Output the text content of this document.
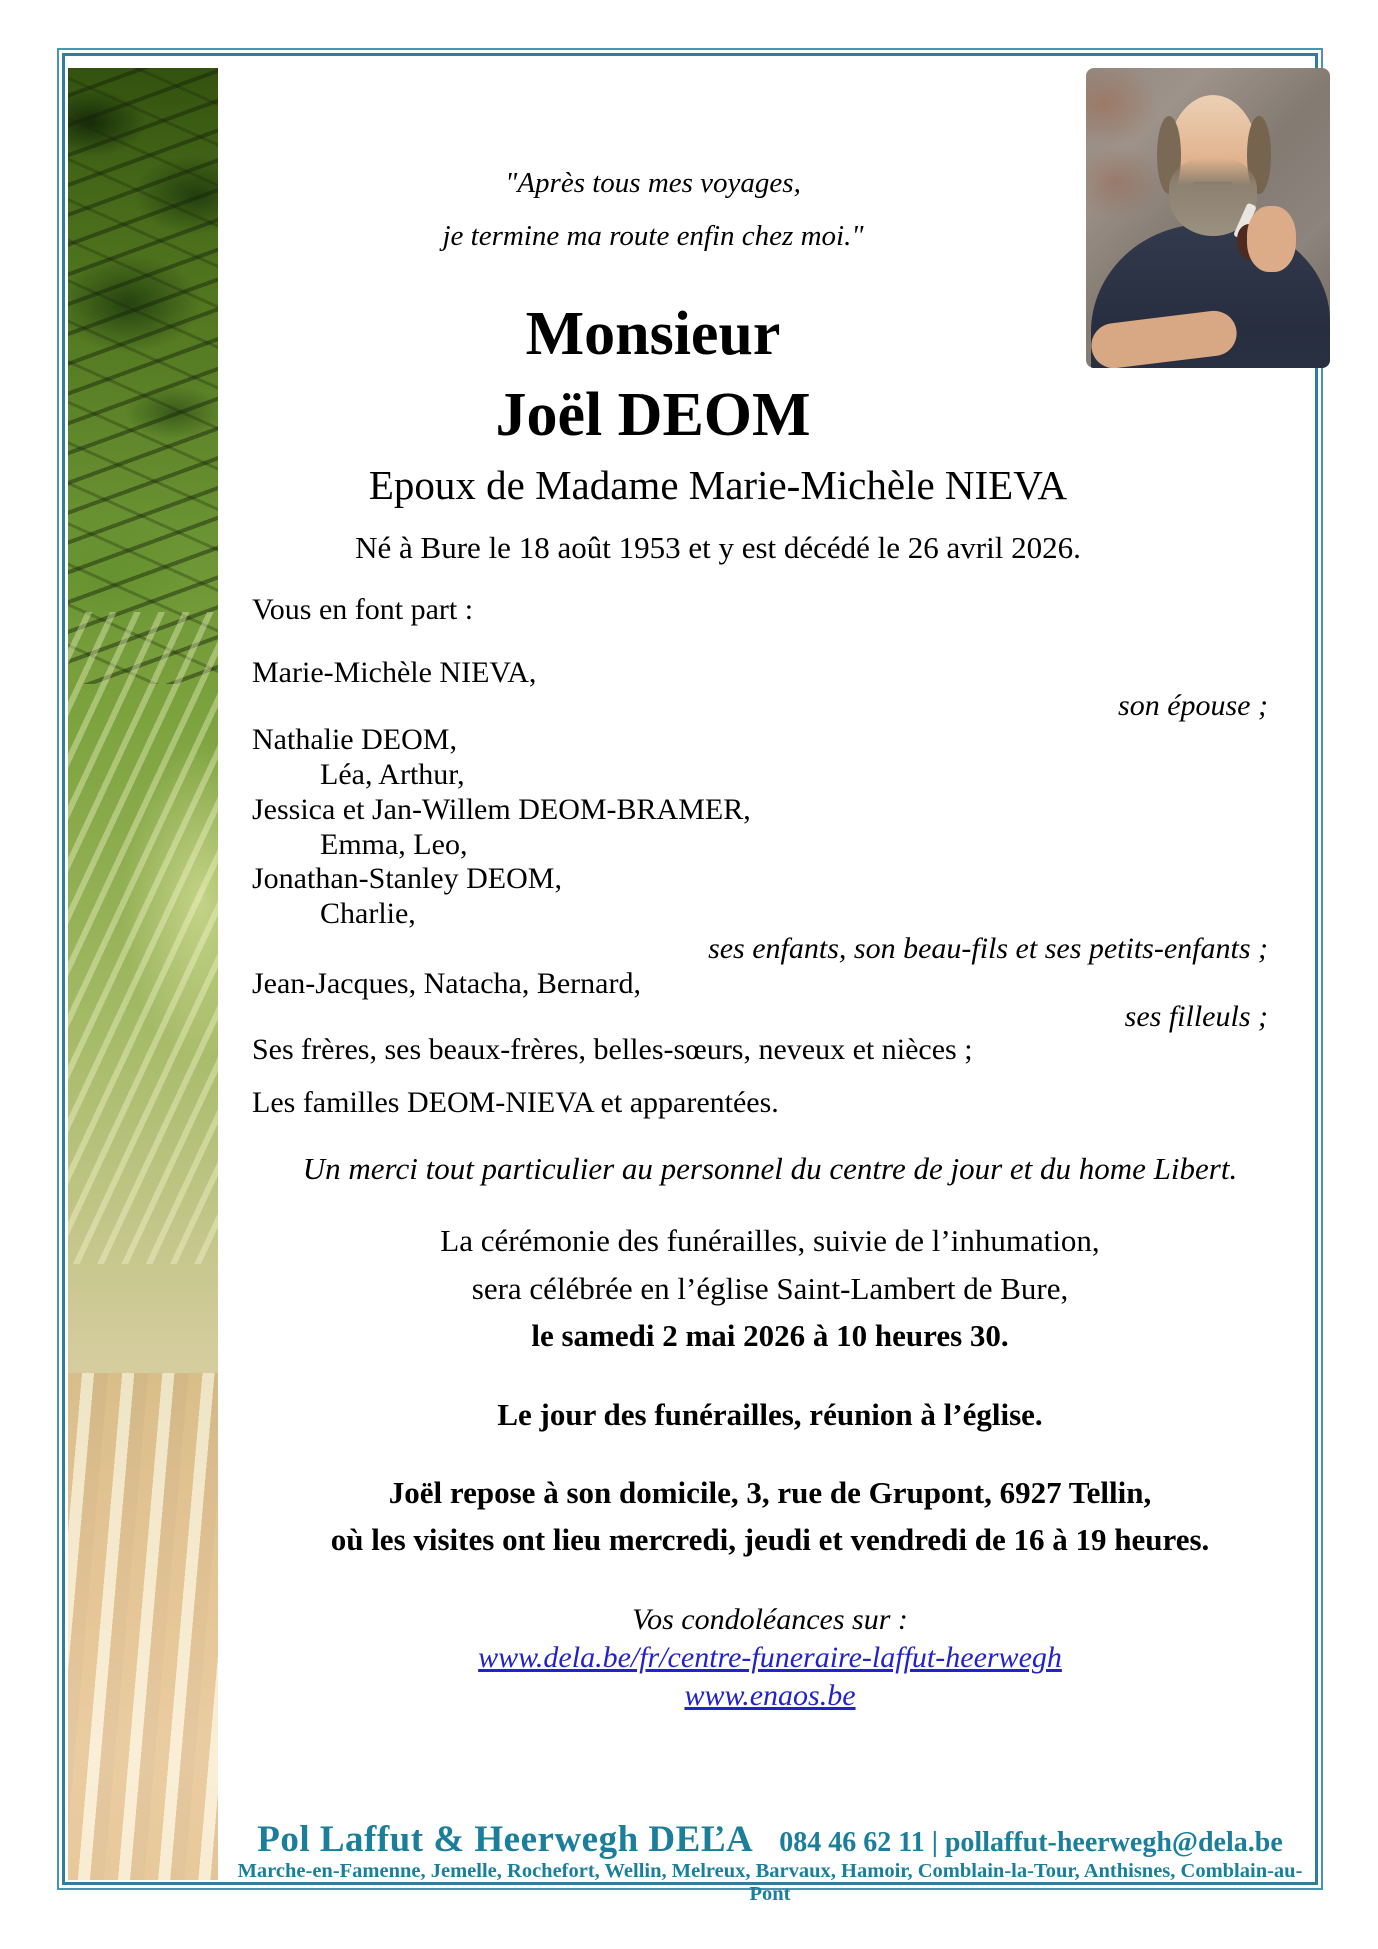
"Après tous mes voyages,
je termine ma route enfin chez moi."
Monsieur
Joël DEOM
Epoux de Madame Marie-Michèle NIEVA
Né à Bure le 18 août 1953 et y est décédé le 26 avril 2026.
Vous en font part :
Marie-Michèle NIEVA,
son épouse ;
Nathalie DEOM,
Léa, Arthur,
Jessica et Jan-Willem DEOM-BRAMER,
Emma, Leo,
Jonathan-Stanley DEOM,
Charlie,
ses enfants, son beau-fils et ses petits-enfants ;
Jean-Jacques, Natacha, Bernard,
ses filleuls ;
Ses frères, ses beaux-frères, belles-sœurs, neveux et nièces ;
Les familles DEOM-NIEVA et apparentées.
Un merci tout particulier au personnel du centre de jour et du home Libert.
La cérémonie des funérailles, suivie de l’inhumation,
sera célébrée en l’église Saint-Lambert de Bure,
le samedi 2 mai 2026 à 10 heures 30.
Le jour des funérailles, réunion à l’église.
Joël repose à son domicile, 3, rue de Grupont, 6927 Tellin,
où les visites ont lieu mercredi, jeudi et vendredi de 16 à 19 heures.
Vos condoléances sur :
www.dela.be/fr/centre-funeraire-laffut-heerwegh
www.enaos.be
Pol Laffut & Heerwegh DEĽA 084 46 62 11 | pollaffut-heerwegh@dela.be
Marche-en-Famenne, Jemelle, Rochefort, Wellin, Melreux, Barvaux, Hamoir, Comblain-la-Tour, Anthisnes, Comblain-au-Pont
